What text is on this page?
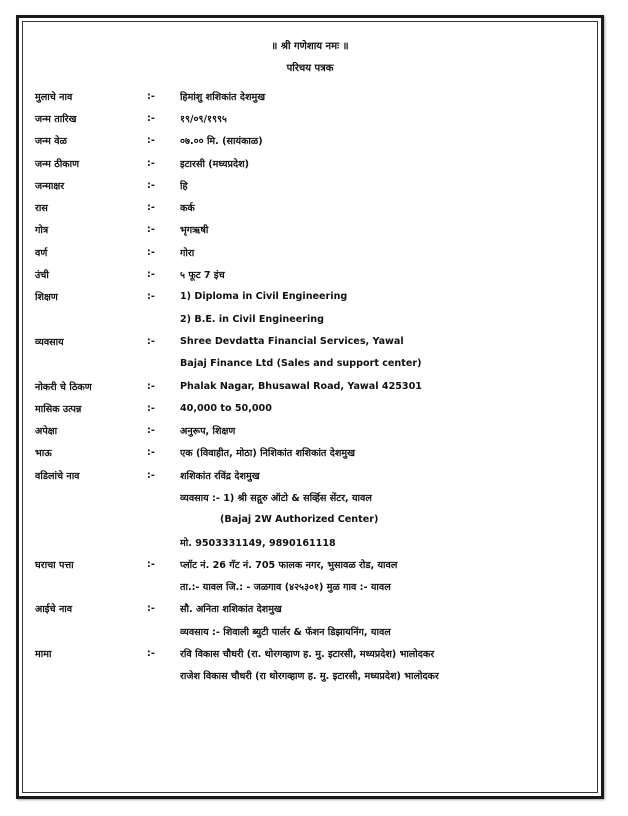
॥ श्री गणेशाय नमः ॥
परिचय पत्रक
मुलाचे नाव	:-	हिमांशु शशिकांत देशमुख
जन्म तारिख	:-	१९/०९/१९९५
जन्म वेळ	:-	०७.०० मि. (सायंकाळ)
जन्म ठीकाण	:-	इटारसी (मध्यप्रदेश)
जन्माक्षर	:-	हि
रास	:-	कर्क
गोत्र	:-	भृगऋषी
वर्ण	:-	गोरा
उंची	:-	५ फूट 7 इंच
शिक्षण	:-	1) Diploma in Civil Engineering
2) B.E. in Civil Engineering
व्यवसाय	:-	Shree Devdatta Financial Services, Yawal
Bajaj Finance Ltd (Sales and support center)
नोकरी चे ठिकण	:-	Phalak Nagar, Bhusawal Road, Yawal 425301
मासिक उत्पन्न	:-	40,000 to 50,000
अपेक्षा	:-	अनुरूप, शिक्षण
भाऊ	:-	एक (विवाहीत, मोठा) निशिकांत शशिकांत देशमुख
वडिलांचे नाव	:-	शशिकांत रविंद्र देशमुख
व्यवसाय :- 1) श्री सद्गुरु ऑटो & सर्व्हिस सेंटर, यावल
(Bajaj 2W Authorized Center)
मो. 9503331149, 9890161118
घराचा पत्ता	:-	प्लॉट नं. 26 गॅट नं. 705 फालक नगर, भुसावळ रोड, यावल
ता.:- यावल जि.: - जळगाव (४२५३०१) मुळ गाव :- यावल
आईचे नाव	:-	सौ. अनिता शशिकांत देशमुख
व्यवसाय :- शिवाली ब्युटी पार्लर & फॅशन डिझायनिंग, यावल
मामा	:-	रवि विकास चौधरी (रा. थोरगव्हाण ह. मु. इटारसी, मध्यप्रदेश) भालोदकर
राजेश विकास चौधरी (रा थोरगव्हाण ह. मु. इटारसी, मध्यप्रदेश) भालोदकर
